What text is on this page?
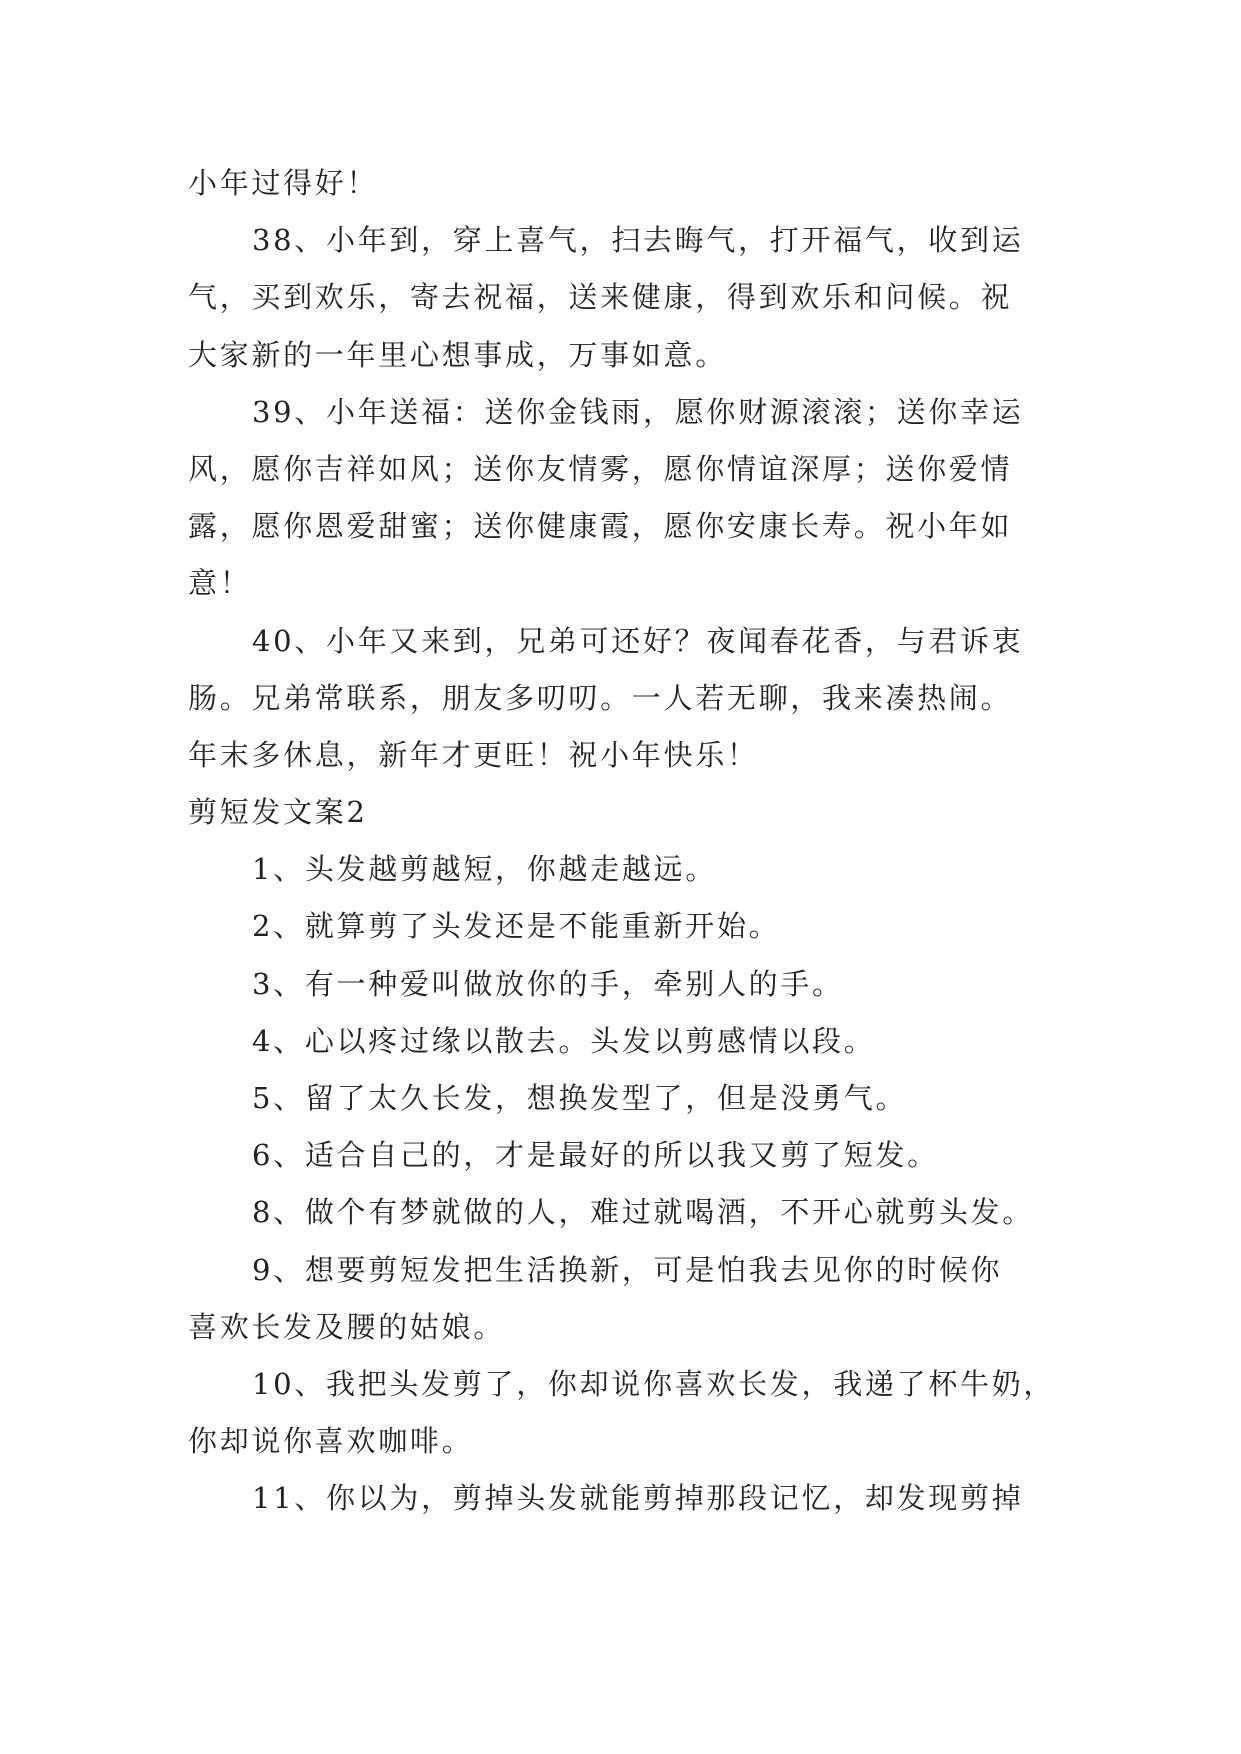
小年过得好！
38、小年到，穿上喜气，扫去晦气，打开福气，收到运
气，买到欢乐，寄去祝福，送来健康，得到欢乐和问候。祝
大家新的一年里心想事成，万事如意。
39、小年送福：送你金钱雨，愿你财源滚滚；送你幸运
风，愿你吉祥如风；送你友情雾，愿你情谊深厚；送你爱情
露，愿你恩爱甜蜜；送你健康霞，愿你安康长寿。祝小年如
意！
40、小年又来到，兄弟可还好？夜闻春花香，与君诉衷
肠。兄弟常联系，朋友多叨叨。一人若无聊，我来凑热闹。
年末多休息，新年才更旺！祝小年快乐！
剪短发文案2
1、头发越剪越短，你越走越远。
2、就算剪了头发还是不能重新开始。
3、有一种爱叫做放你的手，牵别人的手。
4、心以疼过缘以散去。头发以剪感情以段。
5、留了太久长发，想换发型了，但是没勇气。
6、适合自己的，才是最好的所以我又剪了短发。
8、做个有梦就做的人，难过就喝酒，不开心就剪头发。
9、想要剪短发把生活换新，可是怕我去见你的时候你
喜欢长发及腰的姑娘。
10、我把头发剪了，你却说你喜欢长发，我递了杯牛奶，
你却说你喜欢咖啡。
11、你以为，剪掉头发就能剪掉那段记忆，却发现剪掉
